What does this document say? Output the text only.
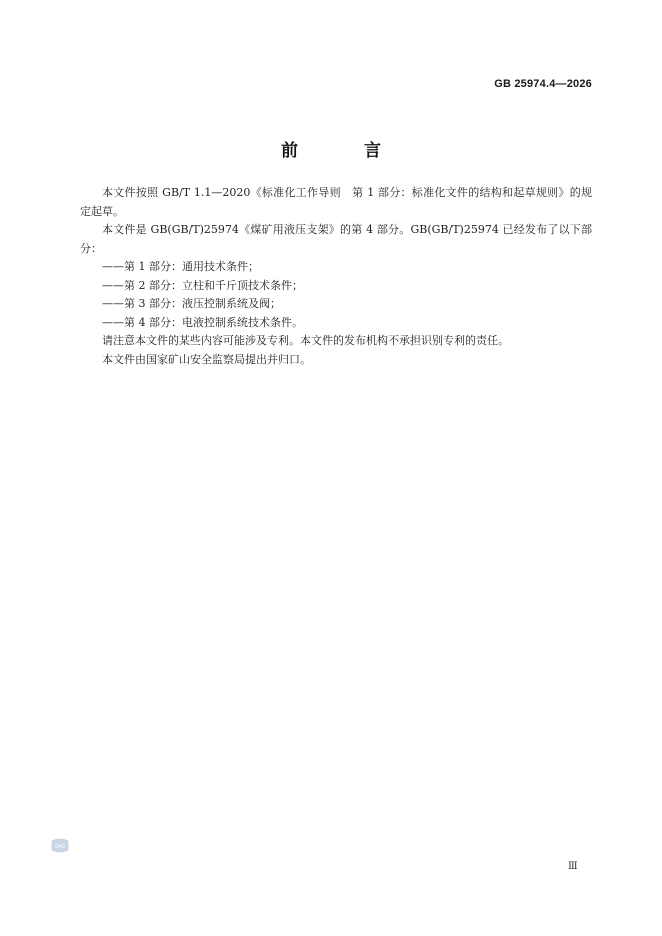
GB 25974.4—2026
前 言

本文件按照 GB/T 1.1—2020《标准化工作导则　第 1 部分：标准化文件的结构和起草规则》的规定起草。

本文件是 GB(GB/T)25974《煤矿用液压支架》的第 4 部分。GB(GB/T)25974 已经发布了以下部分：

——第 1 部分：通用技术条件；

——第 2 部分：立柱和千斤顶技术条件；

——第 3 部分：液压控制系统及阀；

——第 4 部分：电液控制系统技术条件。

请注意本文件的某些内容可能涉及专利。本文件的发布机构不承担识别专利的责任。

本文件由国家矿山安全监察局提出并归口。

SAC
Ⅲ
